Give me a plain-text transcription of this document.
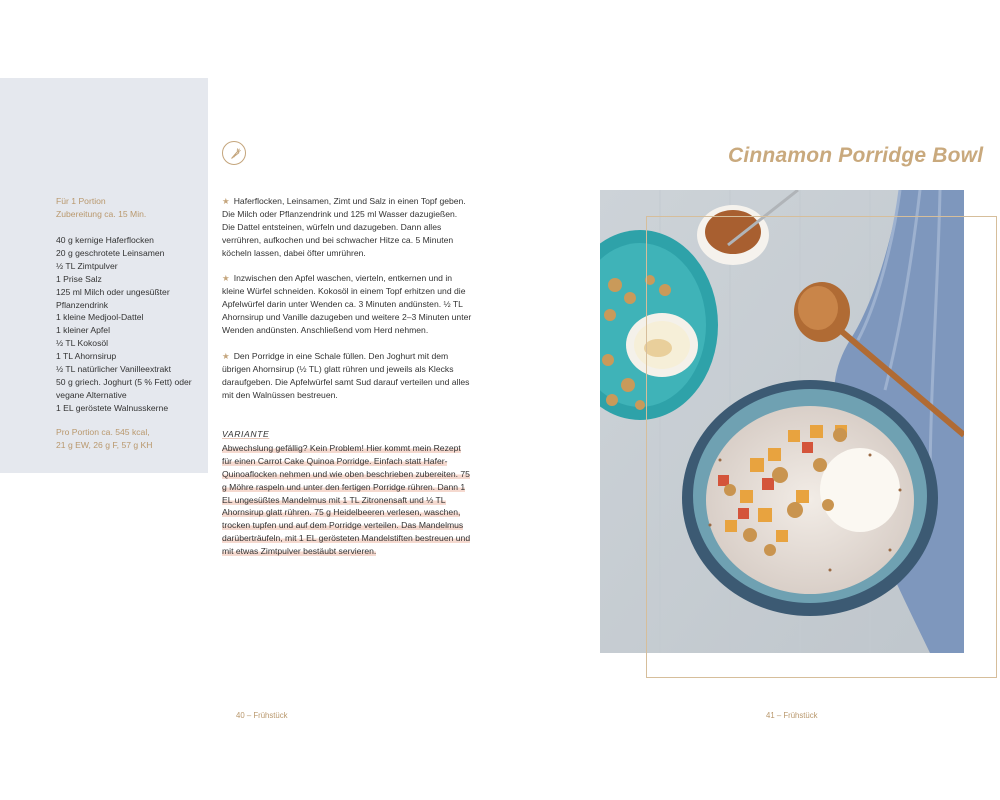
Für 1 Portion
Zubereitung ca. 15 Min.
40 g kernige Haferflocken
20 g geschrotete Leinsamen
½ TL Zimtpulver
1 Prise Salz
125 ml Milch oder ungesüßter Pflanzendrink
1 kleine Medjool-Dattel
1 kleiner Apfel
½ TL Kokosöl
1 TL Ahornsirup
½ TL natürlicher Vanilleextrakt
50 g griech. Joghurt (5 % Fett) oder vegane Alternative
1 EL geröstete Walnusskerne
Pro Portion ca. 545 kcal,
21 g EW, 26 g F, 57 g KH
★ Haferflocken, Leinsamen, Zimt und Salz in einen Topf geben. Die Milch oder Pflanzendrink und 125 ml Wasser dazugießen. Die Dattel entsteinen, würfeln und dazugeben. Dann alles verrühren, aufkochen und bei schwacher Hitze ca. 5 Minuten köcheln lassen, dabei öfter umrühren.
★ Inzwischen den Apfel waschen, vierteln, entkernen und in kleine Würfel schneiden. Kokosöl in einem Topf erhitzen und die Apfelwürfel darin unter Wenden ca. 3 Minuten andünsten. ½ TL Ahornsirup und Vanille dazugeben und weitere 2–3 Minuten unter Wenden andünsten. Anschließend vom Herd nehmen.
★ Den Porridge in eine Schale füllen. Den Joghurt mit dem übrigen Ahornsirup (½ TL) glatt rühren und jeweils als Klecks daraufgeben. Die Apfelwürfel samt Sud darauf verteilen und alles mit den Walnüssen bestreuen.
VARIANTE
Abwechslung gefällig? Kein Problem! Hier kommt mein Rezept für einen Carrot Cake Quinoa Porridge. Einfach statt Hafer-Quinoaflocken nehmen und wie oben beschrieben zubereiten. 75 g Möhre raspeln und unter den fertigen Porridge rühren. Dann 1 EL ungesüßtes Mandelmus mit 1 TL Zitronensaft und ½ TL Ahornsirup glatt rühren. 75 g Heidelbeeren verlesen, waschen, trocken tupfen und auf dem Porridge verteilen. Das Mandelmus darüberträufeln, mit 1 EL gerösteten Mandelstiften bestreuen und mit etwas Zimtpulver bestäubt servieren.
40 – Frühstück
Cinnamon Porridge Bowl
41 – Frühstück
